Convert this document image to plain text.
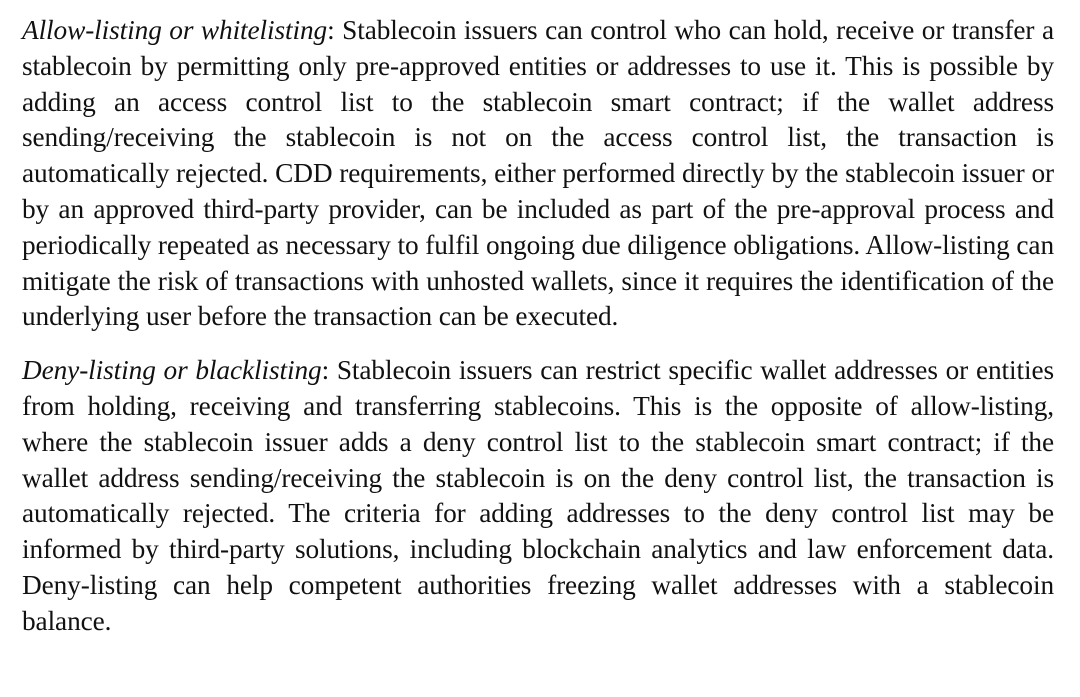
Allow-listing or whitelisting: Stablecoin issuers can control who can hold, receive or transfer a stablecoin by permitting only pre-approved entities or addresses to use it. This is possible by adding an access control list to the stablecoin smart contract; if the wallet address sending/receiving the stablecoin is not on the access control list, the transaction is automatically rejected. CDD requirements, either performed directly by the stablecoin issuer or by an approved third-party provider, can be included as part of the pre-approval process and periodically repeated as necessary to fulfil ongoing due diligence obligations. Allow-listing can mitigate the risk of transactions with unhosted wallets, since it requires the identification of the underlying user before the transaction can be executed.

Deny-listing or blacklisting: Stablecoin issuers can restrict specific wallet addresses or entities from holding, receiving and transferring stablecoins. This is the opposite of allow-listing, where the stablecoin issuer adds a deny control list to the stablecoin smart contract; if the wallet address sending/receiving the stablecoin is on the deny control list, the transaction is automatically rejected. The criteria for adding addresses to the deny control list may be informed by third-party solutions, including blockchain analytics and law enforcement data. Deny-listing can help competent authorities freezing wallet addresses with a stablecoin balance.
